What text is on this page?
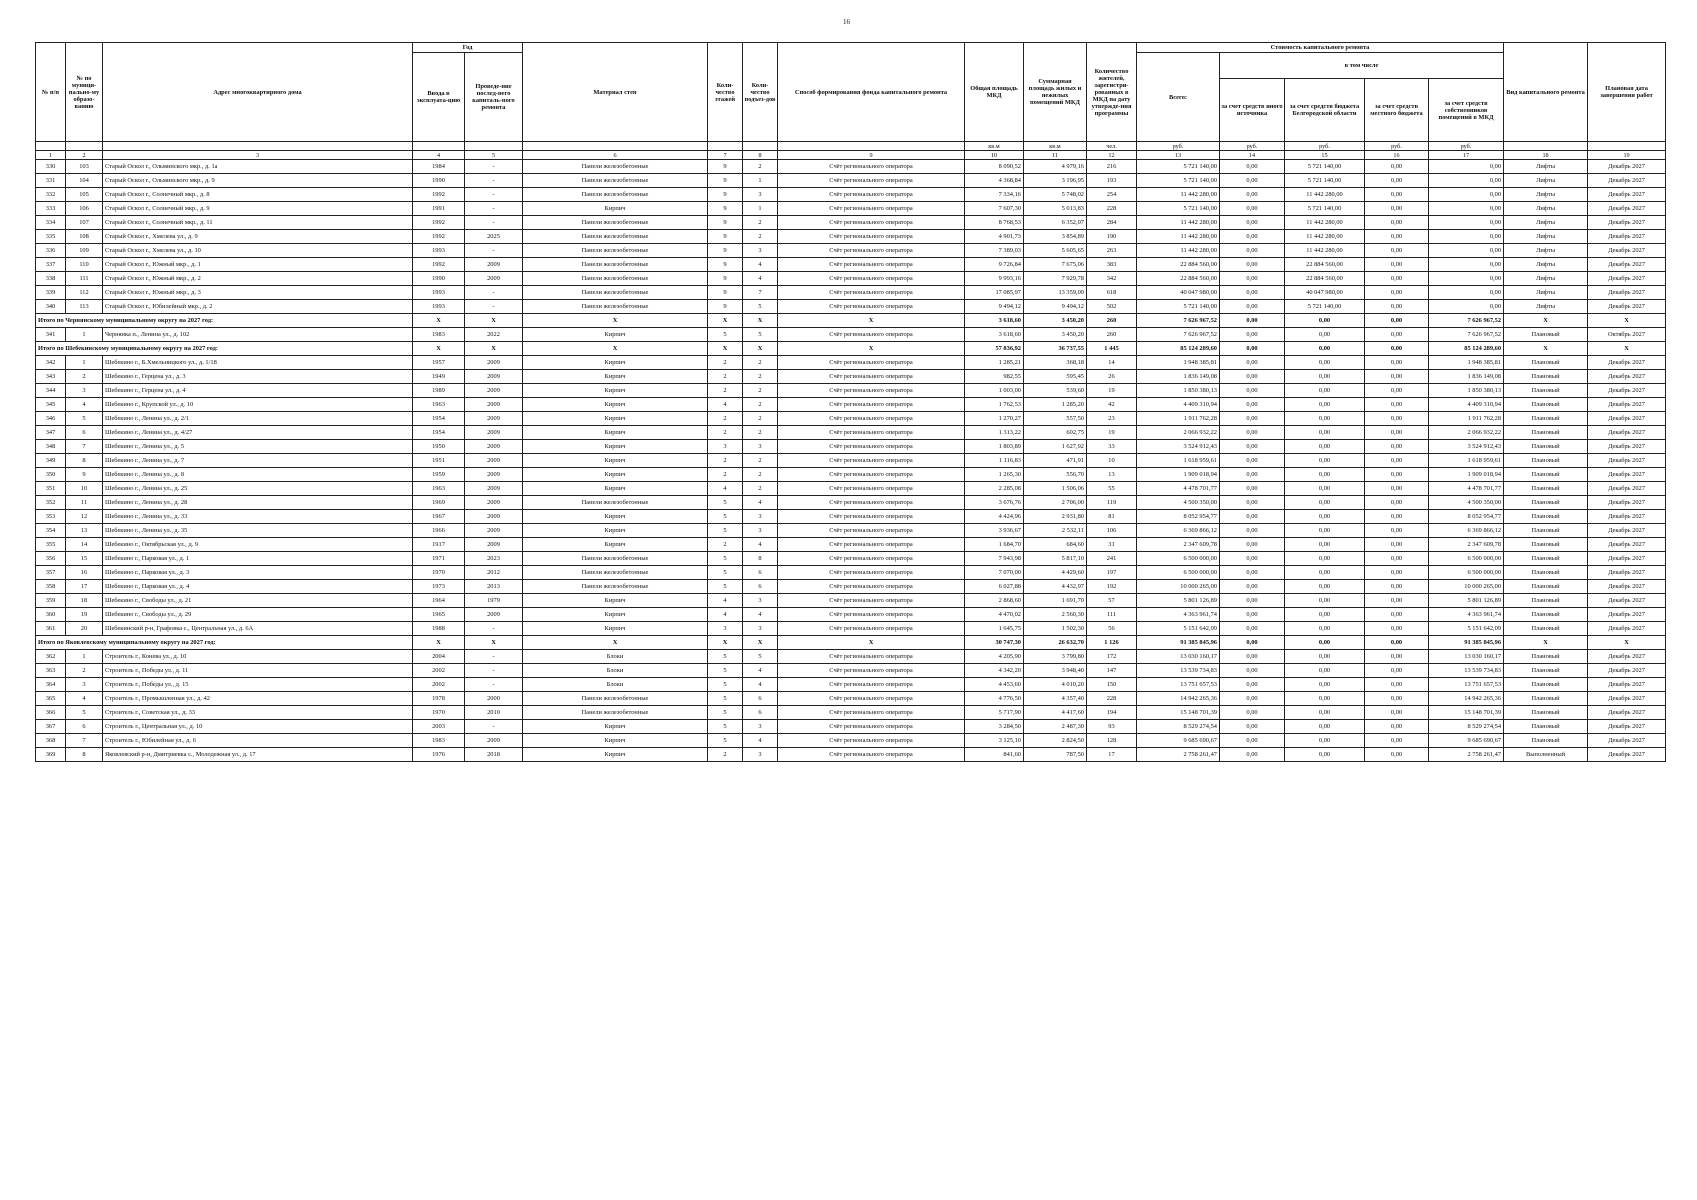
16
№ п/п	№ по муници-пально-му образо-ванию	Адрес многоквартирного дома	Год		Материал стен	Коли-чество этажей	Коли-чество подъез-дов	Способ формирования фонда капитального ремонта	Общая площадь МКД	Суммарная площадь жилых и нежилых помещений МКД	Количество жителей, зарегистри-рованных в МКД на дату утвержде-ния программы	Стоимость капитального ремонта					Вид капитального ремонта	Плановая дата завершения работ
			Ввода в эксплуата-цию	Проведе-ние послед-него капиталь-ного ремонта								Всего:	в том числе					
													за счет средств иного источника	за счет средств бюджета Белгородской области	за счет средств местного бюджета	за счет средств собственников помещений в МКД		
									кв.м	кв.м	чел.	руб.	руб.	руб.	руб.	руб.		
1	2	3	4	5	6	7	8	9	10	11	12	13	14	15	16	17	18	19
330	103	Старый Оскол г., Ольминского мкр., д. 1а	1984	-	Панели железобетонные	9	2	Счёт регионального оператора	8 090,52	4 979,16	216	5 721 140,00	0,00	5 721 140,00	0,00	0,00	Лифты	Декабрь 2027
331	104	Старый Оскол г., Ольминского мкр., д. 9	1990	-	Панели железобетонные	9	1	Счёт регионального оператора	4 368,84	3 196,95	193	5 721 140,00	0,00	5 721 140,00	0,00	0,00	Лифты	Декабрь 2027
332	105	Старый Оскол г., Солнечный мкр., д. 8	1992	-	Панели железобетонные	9	3	Счёт регионального оператора	7 334,16	5 748,02	254	11 442 280,00	0,00	11 442 280,00	0,00	0,00	Лифты	Декабрь 2027
333	106	Старый Оскол г., Солнечный мкр., д. 9	1991	-	Кирпич	9	1	Счёт регионального оператора	7 607,30	5 013,83	228	5 721 140,00	0,00	5 721 140,00	0,00	0,00	Лифты	Декабрь 2027
334	107	Старый Оскол г., Солнечный мкр., д. 11	1992	-	Панели железобетонные	9	2	Счёт регионального оператора	8 768,53	6 352,07	284	11 442 280,00	0,00	11 442 280,00	0,00	0,00	Лифты	Декабрь 2027
335	108	Старый Оскол г., Хмелева ул., д. 9	1992	2025	Панели железобетонные	9	2	Счёт регионального оператора	4 901,73	3 854,89	190	11 442 280,00	0,00	11 442 280,00	0,00	0,00	Лифты	Декабрь 2027
336	109	Старый Оскол г., Хмелева ул., д. 10	1993	-	Панели железобетонные	9	3	Счёт регионального оператора	7 389,03	5 605,65	263	11 442 280,00	0,00	11 442 280,00	0,00	0,00	Лифты	Декабрь 2027
337	110	Старый Оскол г., Южный мкр., д. 1	1992	2009	Панели железобетонные	9	4	Счёт регионального оператора	9 726,84	7 675,06	383	22 884 560,00	0,00	22 884 560,00	0,00	0,00	Лифты	Декабрь 2027
338	111	Старый Оскол г., Южный мкр., д. 2	1990	2009	Панели железобетонные	9	4	Счёт регионального оператора	9 993,16	7 929,78	342	22 884 560,00	0,00	22 884 560,00	0,00	0,00	Лифты	Декабрь 2027
339	112	Старый Оскол г., Южный мкр., д. 3	1993	-	Панели железобетонные	9	7	Счёт регионального оператора	17 085,97	13 359,09	618	40 047 980,00	0,00	40 047 980,00	0,00	0,00	Лифты	Декабрь 2027
340	113	Старый Оскол г., Юбилейный мкр., д. 2	1993	-	Панели железобетонные	9	5	Счёт регионального оператора	9 494,12	9 494,12	502	5 721 140,00	0,00	5 721 140,00	0,00	0,00	Лифты	Декабрь 2027
Итого по Чернянскому муниципальному округу на 2027 год:			X	X	X	X	X	X	3 618,60	3 450,20	260	7 626 967,52	0,00	0,00	0,00	7 626 967,52	X	X
341	1	Чернянка п., Ленина ул., д. 102	1983	2022	Кирпич	5	5	Счёт регионального оператора	3 618,60	3 450,20	260	7 626 967,52	0,00	0,00	0,00	7 626 967,52	Плановый	Октябрь 2027
Итого по Шебекинскому муниципальному округу на 2027 год:			X	X	X	X	X	X	57 836,92	36 737,55	1 445	85 124 289,60	0,00	0,00	0,00	85 124 289,60	X	X
342	1	Шебекино г., Б.Хмельницкого ул., д. 1/18	1957	2009	Кирпич	2	2	Счёт регионального оператора	1 285,21	368,18	14	1 948 385,81	0,00	0,00	0,00	1 948 385,81	Плановый	Декабрь 2027
343	2	Шебекино г., Герцена ул., д. 3	1949	2009	Кирпич	2	2	Счёт регионального оператора	982,55	595,45	26	1 836 149,08	0,00	0,00	0,00	1 836 149,08	Плановый	Декабрь 2027
344	3	Шебекино г., Герцена ул., д. 4	1989	2009	Кирпич	2	2	Счёт регионального оператора	1 003,00	539,60	19	1 850 380,13	0,00	0,00	0,00	1 850 380,13	Плановый	Декабрь 2027
345	4	Шебекино г., Крупской ул., д. 10	1963	2009	Кирпич	4	2	Счёт регионального оператора	1 762,53	1 285,20	42	4 409 310,94	0,00	0,00	0,00	4 409 310,94	Плановый	Декабрь 2027
346	5	Шебекино г., Ленина ул., д. 2/1	1954	2009	Кирпич	2	2	Счёт регионального оператора	1 270,27	557,50	23	1 911 762,28	0,00	0,00	0,00	1 911 762,28	Плановый	Декабрь 2027
347	6	Шебекино г., Ленина ул., д. 4/27	1954	2009	Кирпич	2	2	Счёт регионального оператора	1 313,22	602,75	19	2 066 932,22	0,00	0,00	0,00	2 066 932,22	Плановый	Декабрь 2027
348	7	Шебекино г., Ленина ул., д. 5	1950	2009	Кирпич	3	3	Счёт регионального оператора	1 803,89	1 627,92	33	3 524 912,43	0,00	0,00	0,00	3 524 912,43	Плановый	Декабрь 2027
349	8	Шебекино г., Ленина ул., д. 7	1951	2009	Кирпич	2	2	Счёт регионального оператора	1 116,83	471,91	10	1 618 959,61	0,00	0,00	0,00	1 618 959,61	Плановый	Декабрь 2027
350	9	Шебекино г., Ленина ул., д. 8	1959	2009	Кирпич	2	2	Счёт регионального оператора	1 265,30	556,70	13	1 909 018,94	0,00	0,00	0,00	1 909 018,94	Плановый	Декабрь 2027
351	10	Шебекино г., Ленина ул., д. 25	1963	2009	Кирпич	4	2	Счёт регионального оператора	2 285,08	1 506,06	55	4 478 701,77	0,00	0,00	0,00	4 478 701,77	Плановый	Декабрь 2027
352	11	Шебекино г., Ленина ул., д. 28	1969	2009	Панели железобетонные	5	4	Счёт регионального оператора	3 676,76	2 706,00	119	4 500 350,00	0,00	0,00	0,00	4 500 350,00	Плановый	Декабрь 2027
353	12	Шебекино г., Ленина ул., д. 33	1967	2009	Кирпич	5	3	Счёт регионального оператора	4 424,96	2 931,80	81	8 052 954,77	0,00	0,00	0,00	8 052 954,77	Плановый	Декабрь 2027
354	13	Шебекино г., Ленина ул., д. 35	1966	2009	Кирпич	5	3	Счёт регионального оператора	3 936,67	2 532,11	106	6 369 866,12	0,00	0,00	0,00	6 369 866,12	Плановый	Декабрь 2027
355	14	Шебекино г., Октябрьская ул., д. 9	1917	2009	Кирпич	2	4	Счёт регионального оператора	1 684,70	684,60	31	2 347 609,78	0,00	0,00	0,00	2 347 609,78	Плановый	Декабрь 2027
356	15	Шебекино г., Парковая ул., д. 1	1971	2023	Панели железобетонные	5	8	Счёт регионального оператора	7 943,98	5 817,10	241	6 500 000,00	0,00	0,00	0,00	6 500 000,00	Плановый	Декабрь 2027
357	16	Шебекино г., Парковая ул., д. 3	1970	2012	Панели железобетонные	5	6	Счёт регионального оператора	7 070,00	4 429,60	197	6 500 000,00	0,00	0,00	0,00	6 500 000,00	Плановый	Декабрь 2027
358	17	Шебекино г., Парковая ул., д. 4	1973	2013	Панели железобетонные	5	6	Счёт регионального оператора	6 027,88	4 432,97	192	10 000 265,00	0,00	0,00	0,00	10 000 265,00	Плановый	Декабрь 2027
359	18	Шебекино г., Свободы ул., д. 21	1964	1979	Кирпич	4	3	Счёт регионального оператора	2 868,60	1 691,70	57	5 801 126,89	0,00	0,00	0,00	5 801 126,89	Плановый	Декабрь 2027
360	19	Шебекино г., Свободы ул., д. 29	1965	2009	Кирпич	4	4	Счёт регионального оператора	4 470,02	2 560,30	111	4 363 961,74	0,00	0,00	0,00	4 363 961,74	Плановый	Декабрь 2027
361	20	Шебекинский р-н, Графовка с., Центральная ул., д. 6А	1988	-	Кирпич	3	3	Счёт регионального оператора	1 645,75	1 502,30	56	5 151 642,09	0,00	0,00	0,00	5 151 642,09	Плановый	Декабрь 2027
Итого по Яковлевскому муниципальному округу на 2027 год:			X	X	X	X	X	X	30 747,30	26 632,70	1 126	91 385 845,96	0,00	0,00	0,00	91 385 845,96	X	X
362	1	Строитель г., Конева ул., д. 10	2004	-	Блоки	5	5	Счёт регионального оператора	4 205,90	3 799,80	172	13 030 160,17	0,00	0,00	0,00	13 030 160,17	Плановый	Декабрь 2027
363	2	Строитель г., Победы ул., д. 11	2002	-	Блоки	5	4	Счёт регионального оператора	4 342,20	3 948,40	147	13 539 734,83	0,00	0,00	0,00	13 539 734,83	Плановый	Декабрь 2027
364	3	Строитель г., Победы ул., д. 15	2002	-	Блоки	5	4	Счёт регионального оператора	4 453,60	4 010,20	150	13 751 657,53	0,00	0,00	0,00	13 751 657,53	Плановый	Декабрь 2027
365	4	Строитель г., Промышленная ул., д. 42	1978	2000	Панели железобетонные	5	6	Счёт регионального оператора	4 776,50	4 357,40	228	14 942 265,36	0,00	0,00	0,00	14 942 265,36	Плановый	Декабрь 2027
366	5	Строитель г., Советская ул., д. 33	1970	2010	Панели железобетонные	5	6	Счёт регионального оператора	5 717,90	4 417,60	194	15 148 701,39	0,00	0,00	0,00	15 148 701,39	Плановый	Декабрь 2027
367	6	Строитель г., Центральная ул., д. 10	2003	-	Кирпич	5	3	Счёт регионального оператора	3 284,50	2 487,30	93	8 529 274,54	0,00	0,00	0,00	8 529 274,54	Плановый	Декабрь 2027
368	7	Строитель г., Юбилейная ул., д. 6	1983	2009	Кирпич	5	4	Счёт регионального оператора	3 125,10	2 824,50	128	9 685 690,67	0,00	0,00	0,00	9 685 690,67	Плановый	Декабрь 2027
369	8	Яковлевский р-н, Дмитриевка с., Молодежная ул., д. 17	1976	2018	Кирпич	2	3	Счёт регионального оператора	841,60	787,50	17	2 758 261,47	0,00	0,00	0,00	2 758 261,47	Выполненный	Декабрь 2027
